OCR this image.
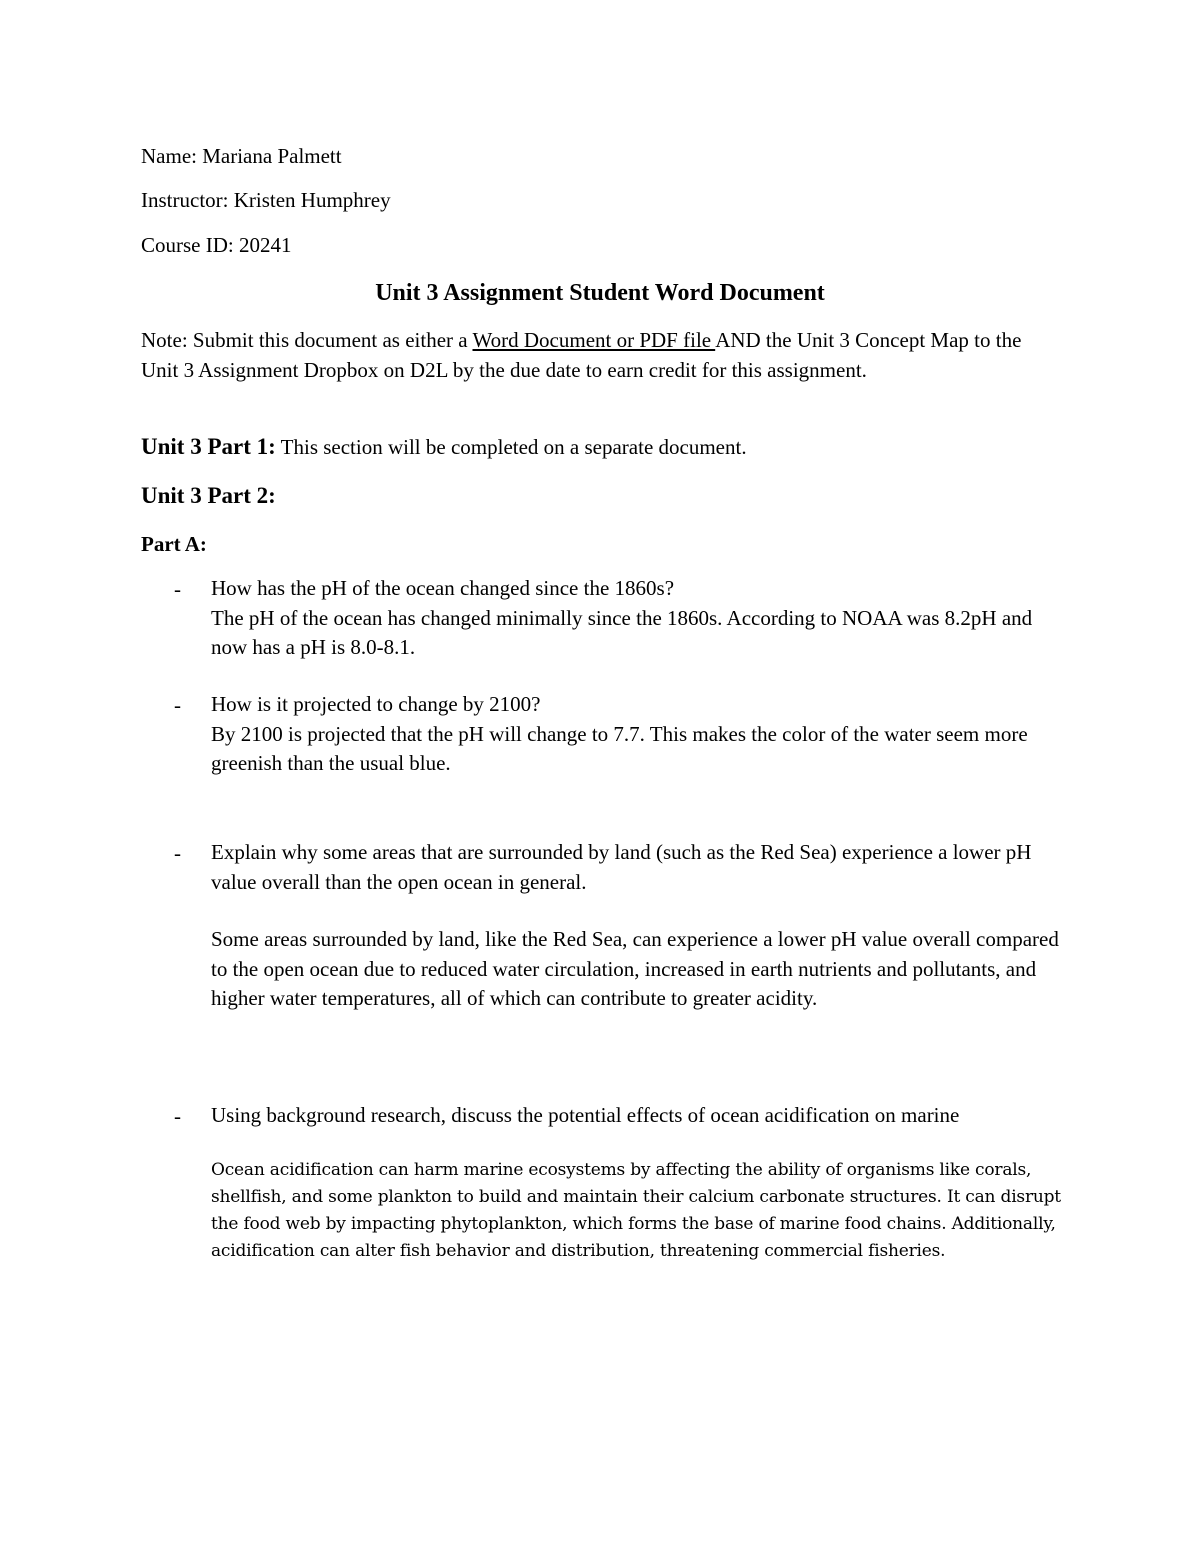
Name: Mariana Palmett
Instructor: Kristen Humphrey
Course ID: 20241
Unit 3 Assignment Student Word Document
Note: Submit this document as either a Word Document or PDF file AND the Unit 3 Concept Map to the Unit 3 Assignment Dropbox on D2L by the due date to earn credit for this assignment.
Unit 3 Part 1: This section will be completed on a separate document.
Unit 3 Part 2:
Part A:
- How has the pH of the ocean changed since the 1860s?
The pH of the ocean has changed minimally since the 1860s. According to NOAA was 8.2pH and now has a pH is 8.0-8.1.
- How is it projected to change by 2100?
By 2100 is projected that the pH will change to 7.7. This makes the color of the water seem more greenish than the usual blue.
- Explain why some areas that are surrounded by land (such as the Red Sea) experience a lower pH value overall than the open ocean in general.
Some areas surrounded by land, like the Red Sea, can experience a lower pH value overall compared to the open ocean due to reduced water circulation, increased in earth nutrients and pollutants, and higher water temperatures, all of which can contribute to greater acidity.
- Using background research, discuss the potential effects of ocean acidification on marine
Ocean acidification can harm marine ecosystems by affecting the ability of organisms like corals, shellfish, and some plankton to build and maintain their calcium carbonate structures. It can disrupt the food web by impacting phytoplankton, which forms the base of marine food chains. Additionally, acidification can alter fish behavior and distribution, threatening commercial fisheries.
